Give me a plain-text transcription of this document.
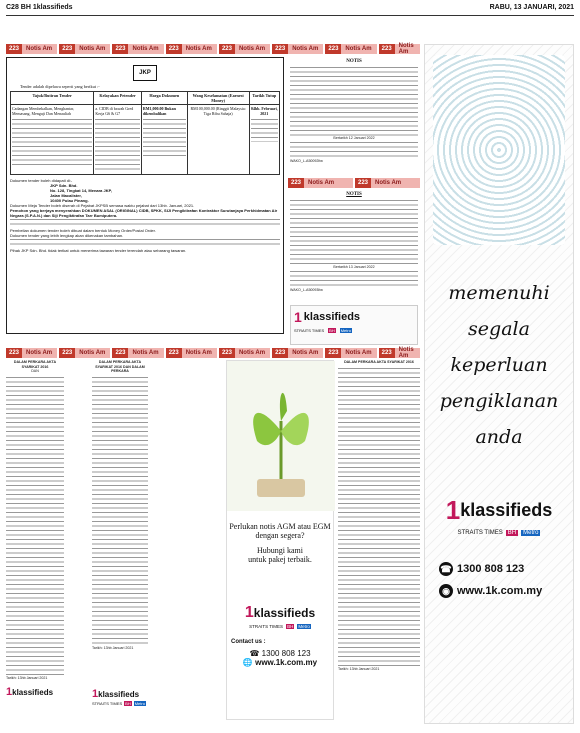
C28 BH 1klassifieds	RABU, 13 JANUARI, 2021
223	Notis Am	223	Notis Am	223	Notis Am	223	Notis Am	223	Notis Am	223	Notis Am	223	Notis Am	223	Notis Am
JKP
Tender adalah dipelawa seperti yang berikut :-
Tajuk/Butiran Tender	Kelayakan Petender	Harga Dokumen	Wang Keselamatan (Earnest Money)	Tarikh Tutup
Cadangan Membekalkan, Menghantar, Memasang, Menguji Dan Menauliah	a. CIDB di bawah Gred Kerja G6 & G7	RM1,000.00 Bukan dikembalikan	RM100,000.00 (Ringgit Malaysia: Tiga Ribu Sahaja)	04hb. Februari, 2021
Dokumen tender boleh didapati di:-
JKP Sdn. Bhd.
No. 128, Tingkat 14, Menara JKP,
Jalan Macalister,
10400 Pulau Pinang.
Dokumen Meja Tender boleh diserah di Pejabat JKPSB semasa waktu pejabat dari 13hb. Januari, 2021.
Pemohon yang berjaya menyerahkan DOKUMEN ASAL (ORIGINAL) CIDB, SPKK, SIJI Pengiktirafan Kontraktor Surutanjaya Perkhidmatan Air Negara (S.P.A.N.) dan Siji Pengiktirafan Tarr Bumiputera.
Pembelian dokumen tender boleh dibuat dalam bentuk Money Order/Postal Order.
Dokumen tender yang lebih lengkap akan dikenakan tambahan.
Pihak JKP Sdn. Bhd. tidak terikat untuk menerima tawaran tender terendah atau sebarang tawaran.
NOTIS
Bertarikh 12 Januari 2022
WAKO_L-A50092ltw
223	Notis Am	223	Notis Am
NOTIS
Bertarikh 13 Januari 2022
WAKO_L-A50093ltw
1 klassifieds
STRAITS TIMES BH Metro
223	Notis Am	223	Notis Am	223	Notis Am	223	Notis Am	223	Notis Am	223	Notis Am	223	Notis Am	223	Notis Am
DALAM PERKARA AKTA SYARIKAT 2016
DAN
Tarikh: 13hb Januari 2021
1 klassifieds
DALAM PERKARA AKTA SYARIKAT 2016 DAN DALAM PERKARA
Tarikh: 13hb Januari 2021
1 klassifieds
STRAITS TIMES BH Metro
Perlukan notis AGM atau EGM
dengan segera?
Hubungi kami
untuk pakej terbaik.
1 klassifieds
STRAITS TIMES BH Metro
Contact us :
☎ 1300 808 123
🌐 www.1k.com.my
DALAM PERKARA AKTA SYARIKAT 2016
Tarikh: 13hb Januari 2021
memenuhi
segala
keperluan
pengiklanan
anda
1 klassifieds
STRAITS TIMES BH	Metro
☎ 1300 808 123
◉ www.1k.com.my
